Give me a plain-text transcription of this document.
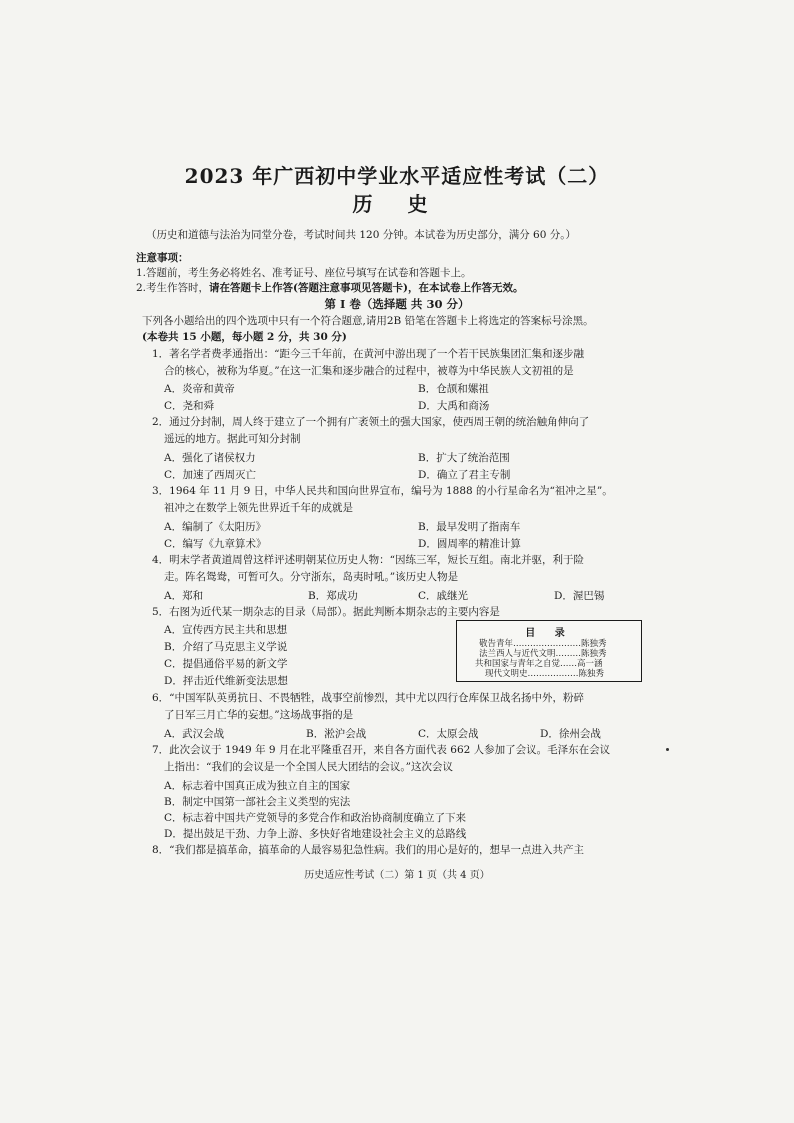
2023 年广西初中学业水平适应性考试（二）
历 史
（历史和道德与法治为同堂分卷，考试时间共 120 分钟。本试卷为历史部分，满分 60 分。）
注意事项：
1.答题前，考生务必将姓名、准考证号、座位号填写在试卷和答题卡上。
2.考生作答时，请在答题卡上作答(答题注意事项见答题卡)，在本试卷上作答无效。
第 Ⅰ 卷（选择题 共 30 分）
下列各小题给出的四个选项中只有一个符合题意,请用2B 铅笔在答题卡上将选定的答案标号涂黑。
(本卷共 15 小题，每小题 2 分，共 30 分)
1．著名学者费孝通指出：“距今三千年前，在黄河中游出现了一个若干民族集团汇集和逐步融
合的核心，被称为华夏。”在这一汇集和逐步融合的过程中，被尊为中华民族人文初祖的是
A．炎帝和黄帝	B．仓颉和嫘祖
C．尧和舜	D．大禹和商汤
2．通过分封制，周人终于建立了一个拥有广袤领土的强大国家，使西周王朝的统治触角伸向了
遥远的地方。据此可知分封制
A．强化了诸侯权力	B．扩大了统治范围
C．加速了西周灭亡	D．确立了君主专制
3．1964 年 11 月 9 日，中华人民共和国向世界宣布，编号为 1888 的小行星命名为“祖冲之星”。
祖冲之在数学上领先世界近千年的成就是
A．编制了《太阳历》	B．最早发明了指南车
C．编写《九章算术》	D．圆周率的精准计算
4．明末学者黄道周曾这样评述明朝某位历史人物：“因练三军，短长互组。南北并驱，利于险
走。阵名鸳鸯，可暂可久。分守浙东，岛夷时吼。”该历史人物是
A．郑和	B．郑成功	C．戚继光	D．渥巴锡
5．右图为近代某一期杂志的目录（局部）。据此判断本期杂志的主要内容是
A．宣传西方民主共和思想
B．介绍了马克思主义学说
C．提倡通俗平易的新文学
D．抨击近代维新变法思想
目 录
敬告青年……………………陈独秀
法兰西人与近代文明………陈独秀
共和国家与青年之自觉……高一涵
现代文明史………………陈独秀
6．“中国军队英勇抗日、不畏牺牲，战事空前惨烈，其中尤以四行仓库保卫战名扬中外，粉碎
了日军三月亡华的妄想。”这场战事指的是
A．武汉会战	B．淞沪会战	C．太原会战	D．徐州会战
7．此次会议于 1949 年 9 月在北平隆重召开，来自各方面代表 662 人参加了会议。毛泽东在会议
上指出：“我们的会议是一个全国人民大团结的会议。”这次会议
A．标志着中国真正成为独立自主的国家
B．制定中国第一部社会主义类型的宪法
C．标志着中国共产党领导的多党合作和政治协商制度确立了下来
D．提出鼓足干劲、力争上游、多快好省地建设社会主义的总路线
8．“我们都是搞革命，搞革命的人最容易犯急性病。我们的用心是好的，想早一点进入共产主
历史适应性考试（二）第 1 页（共 4 页）
